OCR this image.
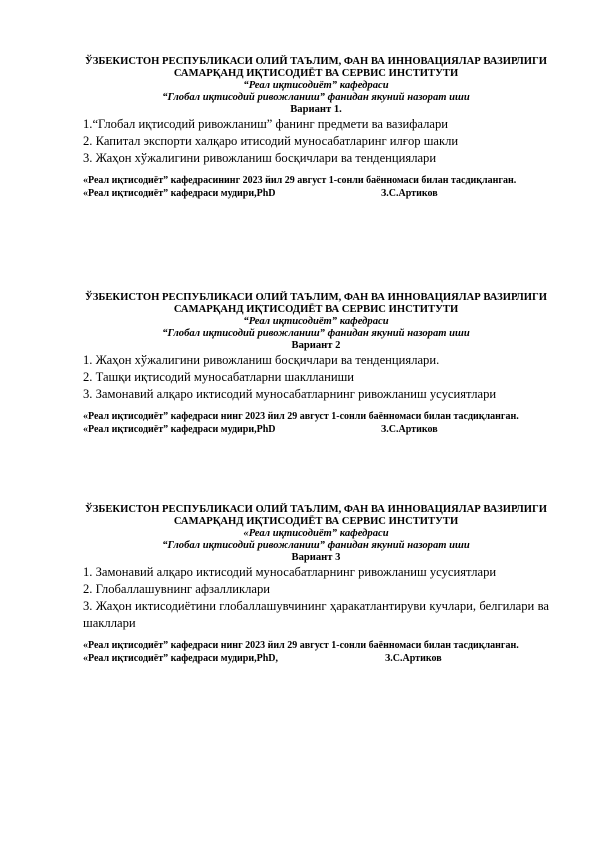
ЎЗБЕКИСТОН РЕСПУБЛИКАСИ ОЛИЙ ТАЪЛИМ, ФАН ВА ИННОВАЦИЯЛАР ВАЗИРЛИГИ
САМАРҚАНД ИҚТИСОДИЁТ ВА СЕРВИС ИНСТИТУТИ
“Реал иқтисодиёт” кафедраси
“Глобал иқтисодий ривожланиш” фанидан якуний назорат иши
Вариант 1.
1.“Глобал иқтисодий ривожланиш” фанинг предмети ва вазифалари
2. Капитал экспорти халқаро итисодий муносабатларинг илғор шакли
3. Жаҳон хўжалигини ривожланиш босқичлари ва тенденциялари
«Реал иқтисодиёт” кафедрасининг 2023 йил 29 август 1-сонли баённомаси билан тасдиқланган.
«Реал иқтисодиёт” кафедраси мудири,PhD	З.С.Артиков
ЎЗБЕКИСТОН РЕСПУБЛИКАСИ ОЛИЙ ТАЪЛИМ, ФАН ВА ИННОВАЦИЯЛАР ВАЗИРЛИГИ
САМАРҚАНД ИҚТИСОДИЁТ ВА СЕРВИС ИНСТИТУТИ
“Реал иқтисодиёт” кафедраси
“Глобал иқтисодий ривожланиш” фанидан якуний назорат иши
Вариант 2
1. Жаҳон хўжалигини ривожланиш босқичлари ва тенденциялари.
2. Ташқи иқтисодий муносабатларни шаклланиши
3. Замонавий алқаро иктисодий муносабатларнинг ривожланиш усусиятлари
«Реал иқтисодиёт” кафедраси нинг 2023 йил 29 август 1-сонли баённомаси билан тасдиқланган.
«Реал иқтисодиёт” кафедраси мудири,PhD	З.С.Артиков
ЎЗБЕКИСТОН РЕСПУБЛИКАСИ ОЛИЙ ТАЪЛИМ, ФАН ВА ИННОВАЦИЯЛАР ВАЗИРЛИГИ
САМАРҚАНД ИҚТИСОДИЁТ ВА СЕРВИС ИНСТИТУТИ
«Реал иқтисодиёт” кафедраси
“Глобал иқтисодий ривожланиш” фанидан якуний назорат иши
Вариант 3
1. Замонавий алқаро иктисодий муносабатларнинг ривожланиш усусиятлари
2. Глобаллашувнинг афзалликлари
3. Жаҳон иктисодиётини глобаллашувчининг ҳаракатлантируви кучлари, белгилари ва шакллари
«Реал иқтисодиёт” кафедраси нинг 2023 йил 29 август 1-сонли баённомаси билан тасдиқланган.
«Реал иқтисодиёт” кафедраси мудири,PhD,	З.С.Артиков
